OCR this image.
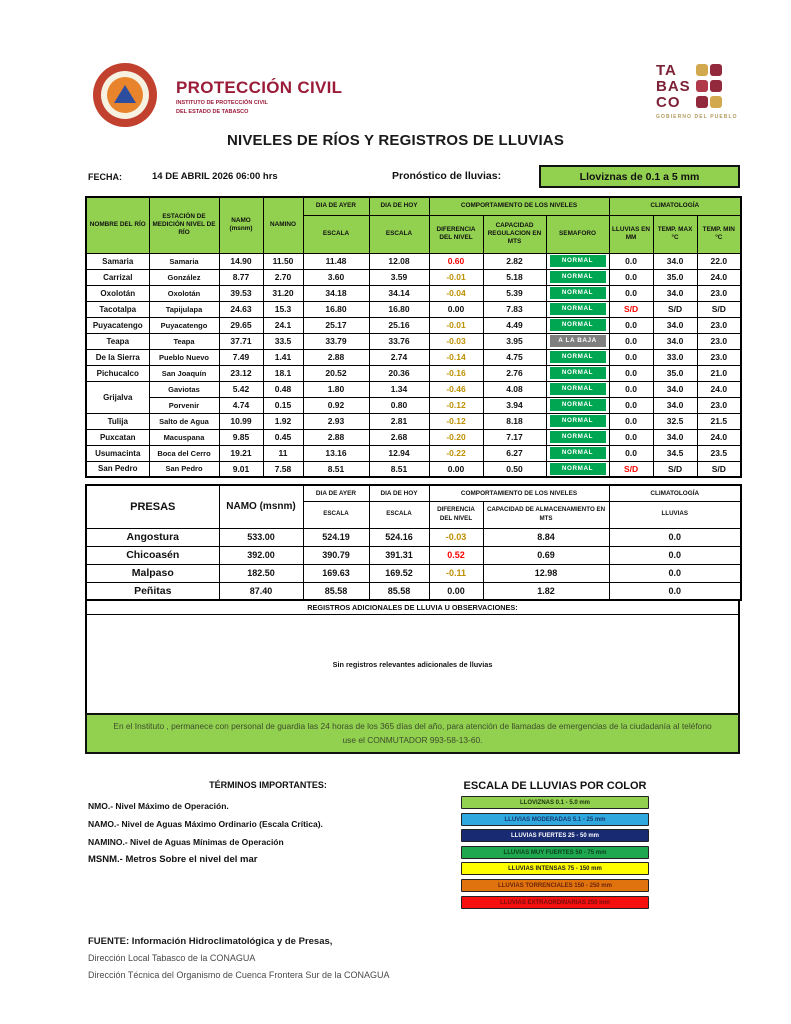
PROTECCIÓN CIVIL
INSTITUTO DE PROTECCIÓN CIVIL
DEL ESTADO DE TABASCO
TA
BAS
CO
GOBIERNO DEL PUEBLO
NIVELES DE RÍOS Y REGISTROS DE LLUVIAS
FECHA:	14 DE ABRIL 2026 06:00 hrs	Pronóstico de lluvias:	Lloviznas de 0.1 a 5 mm
NOMBRE DEL RÍO	ESTACIÓN DE MEDICIÓN NIVEL DE RÍO	NAMO (msnm)	NAMINO	DIA DE AYER	DIA DE HOY	COMPORTAMIENTO DE LOS NIVELES			CLIMATOLOGÍA		
				ESCALA	ESCALA	DIFERENCIA DEL NIVEL	CAPACIDAD REGULACION EN MTS	SEMAFORO	LLUVIAS EN MM	TEMP. MAX °C	TEMP. MIN °C
Samaria	Samaria	14.90	11.50	11.48	12.08	0.60	2.82	NORMAL	0.0	34.0	22.0
Carrizal	González	8.77	2.70	3.60	3.59	-0.01	5.18	NORMAL	0.0	35.0	24.0
Oxolotán	Oxolotán	39.53	31.20	34.18	34.14	-0.04	5.39	NORMAL	0.0	34.0	23.0
Tacotalpa	Tapijulapa	24.63	15.3	16.80	16.80	0.00	7.83	NORMAL	S/D	S/D	S/D
Puyacatengo	Puyacatengo	29.65	24.1	25.17	25.16	-0.01	4.49	NORMAL	0.0	34.0	23.0
Teapa	Teapa	37.71	33.5	33.79	33.76	-0.03	3.95	A LA BAJA	0.0	34.0	23.0
De la Sierra	Pueblo Nuevo	7.49	1.41	2.88	2.74	-0.14	4.75	NORMAL	0.0	33.0	23.0
Pichucalco	San Joaquín	23.12	18.1	20.52	20.36	-0.16	2.76	NORMAL	0.0	35.0	21.0
Grijalva	Gaviotas	5.42	0.48	1.80	1.34	-0.46	4.08	NORMAL	0.0	34.0	24.0
	Porvenir	4.74	0.15	0.92	0.80	-0.12	3.94	NORMAL	0.0	34.0	23.0
Tulija	Salto de Agua	10.99	1.92	2.93	2.81	-0.12	8.18	NORMAL	0.0	32.5	21.5
Puxcatan	Macuspana	9.85	0.45	2.88	2.68	-0.20	7.17	NORMAL	0.0	34.0	24.0
Usumacinta	Boca del Cerro	19.21	11	13.16	12.94	-0.22	6.27	NORMAL	0.0	34.5	23.5
San Pedro	San Pedro	9.01	7.58	8.51	8.51	0.00	0.50	NORMAL	S/D	S/D	S/D
PRESAS	NAMO (msnm)	DIA DE AYER	DIA DE HOY	COMPORTAMIENTO DE LOS NIVELES		CLIMATOLOGÍA
		ESCALA	ESCALA	DIFERENCIA DEL NIVEL	CAPACIDAD DE ALMACENAMIENTO EN MTS	LLUVIAS
Angostura	533.00	524.19	524.16	-0.03	8.84	0.0
Chicoasén	392.00	390.79	391.31	0.52	0.69	0.0
Malpaso	182.50	169.63	169.52	-0.11	12.98	0.0
Peñitas	87.40	85.58	85.58	0.00	1.82	0.0
REGISTROS ADICIONALES DE LLUVIA U OBSERVACIONES:
Sin registros relevantes adicionales de lluvias
En el Instituto , permanece con personal de guardia las 24 horas de los 365 días del año, para atención de llamadas de emergencias de la ciudadanía al teléfono use el CONMUTADOR 993-58-13-60.
TÉRMINOS IMPORTANTES:
NMO.- Nivel Máximo de Operación.
NAMO.- Nivel de Aguas Máximo Ordinario (Escala Crítica).
NAMINO.- Nivel de Aguas Mínimas de Operación
MSNM.- Metros Sobre el nivel del mar
ESCALA DE LLUVIAS POR COLOR
LLOVIZNAS 0.1 - 5.0 mm
LLUVIAS MODERADAS 5.1 - 25 mm
LLUVIAS FUERTES 25 - 50 mm
LLUVIAS MUY FUERTES 50 - 75 mm
LLUVIAS INTENSAS 75 - 150 mm
LLUVIAS TORRENCIALES 150 - 250 mm
LLUVIAS EXTRAORDINARIAS 250 mm
FUENTE: Información Hidroclimatológica y de Presas,
Dirección Local Tabasco de la CONAGUA
Dirección Técnica del Organismo de Cuenca Frontera Sur de la CONAGUA
